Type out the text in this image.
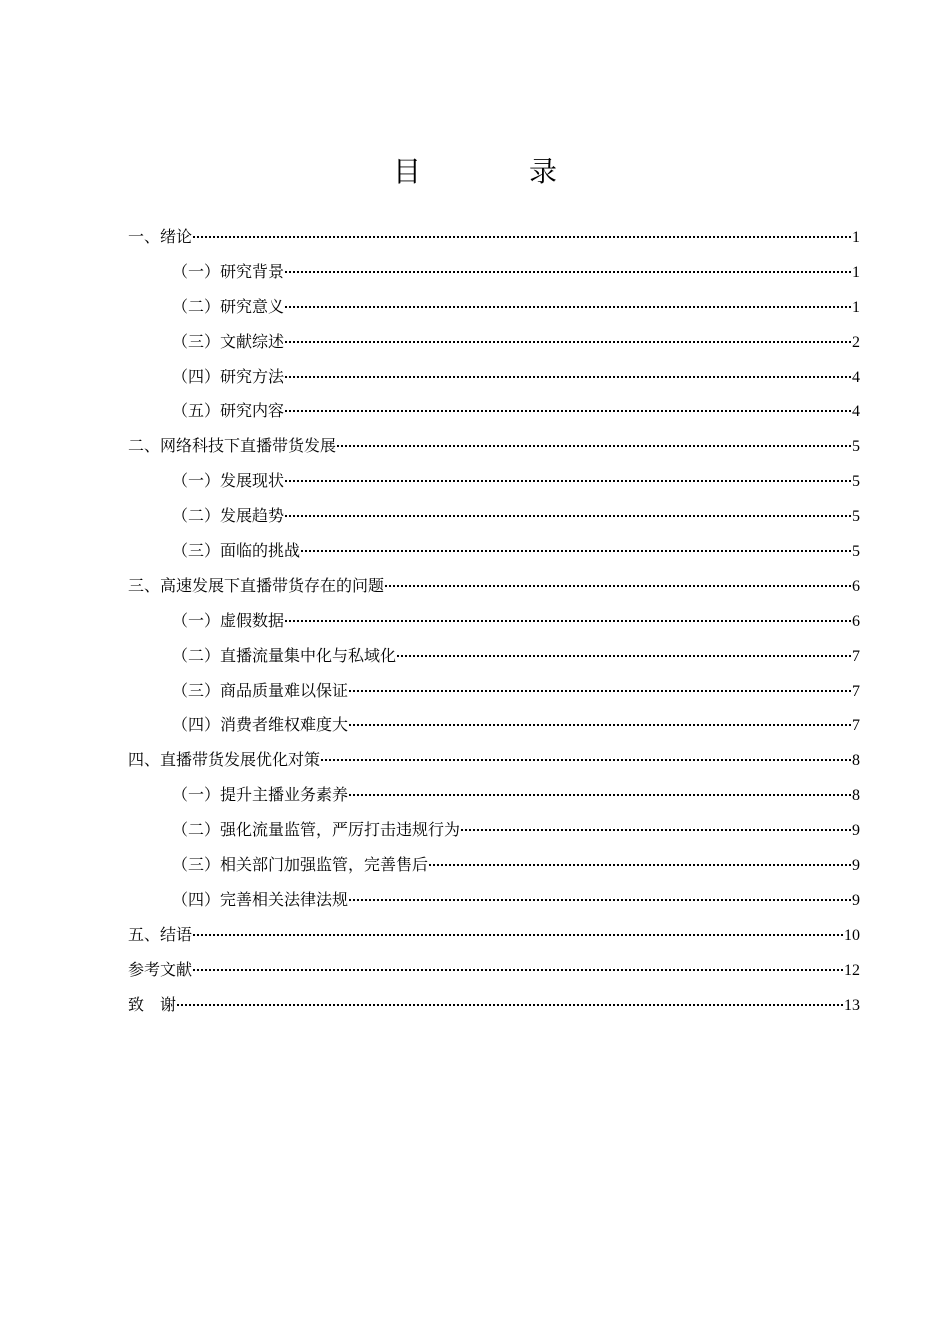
目　录
一、绪论	1
（一）研究背景	1
（二）研究意义	1
（三）文献综述	2
（四）研究方法	4
（五）研究内容	4
二、网络科技下直播带货发展	5
（一）发展现状	5
（二）发展趋势	5
（三）面临的挑战	5
三、高速发展下直播带货存在的问题	6
（一）虚假数据	6
（二）直播流量集中化与私域化	7
（三）商品质量难以保证	7
（四）消费者维权难度大	7
四、直播带货发展优化对策	8
（一）提升主播业务素养	8
（二）强化流量监管，严厉打击违规行为	9
（三）相关部门加强监管，完善售后	9
（四）完善相关法律法规	9
五、结语	10
参考文献	12
致　谢	13
